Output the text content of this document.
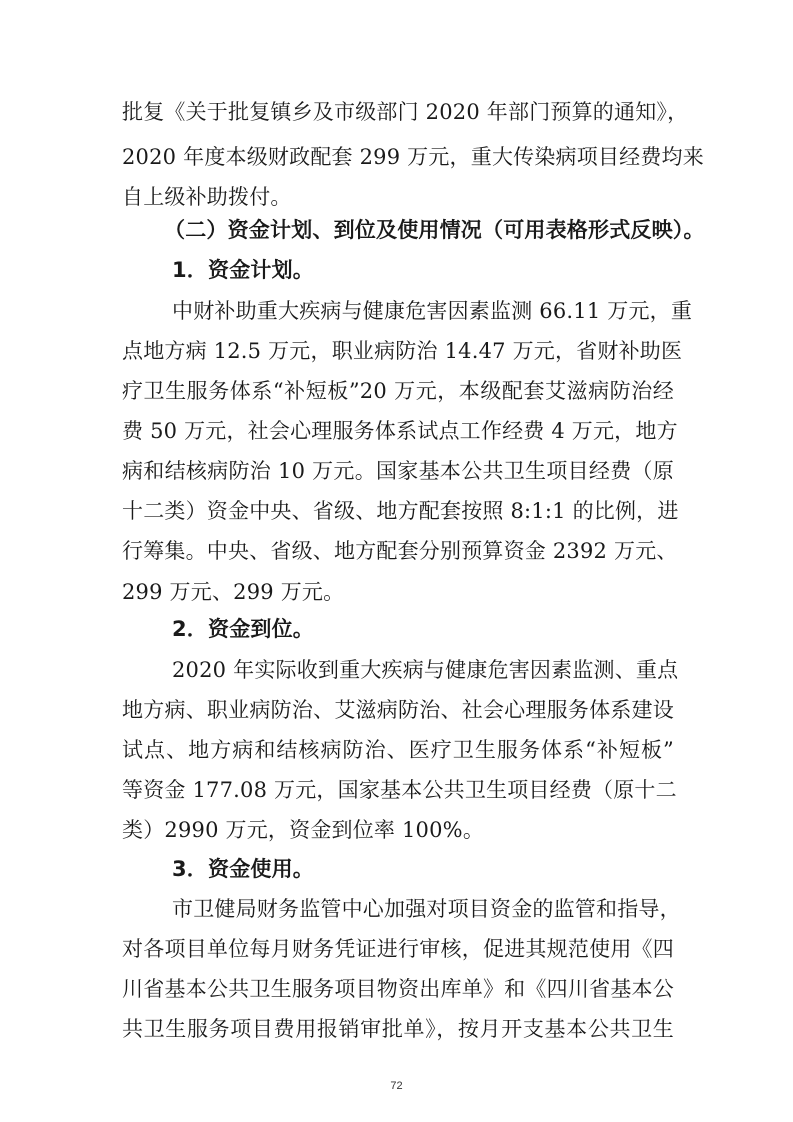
批复《关于批复镇乡及市级部门 2020 年部门预算的通知》，
2020 年度本级财政配套 299 万元，重大传染病项目经费均来
自上级补助拨付。
（二）资金计划、到位及使用情况（可用表格形式反映）。
1．资金计划。
中财补助重大疾病与健康危害因素监测 66.11 万元，重
点地方病 12.5 万元，职业病防治 14.47 万元，省财补助医
疗卫生服务体系“补短板”20 万元，本级配套艾滋病防治经
费 50 万元，社会心理服务体系试点工作经费 4 万元，地方
病和结核病防治 10 万元。国家基本公共卫生项目经费（原
十二类）资金中央、省级、地方配套按照 8:1:1 的比例，进
行筹集。中央、省级、地方配套分别预算资金 2392 万元、
299 万元、299 万元。
2．资金到位。
2020 年实际收到重大疾病与健康危害因素监测、重点
地方病、职业病防治、艾滋病防治、社会心理服务体系建设
试点、地方病和结核病防治、医疗卫生服务体系“补短板”
等资金 177.08 万元，国家基本公共卫生项目经费（原十二
类）2990 万元，资金到位率 100%。
3．资金使用。
市卫健局财务监管中心加强对项目资金的监管和指导，
对各项目单位每月财务凭证进行审核，促进其规范使用《四
川省基本公共卫生服务项目物资出库单》和《四川省基本公
共卫生服务项目费用报销审批单》，按月开支基本公共卫生
72
